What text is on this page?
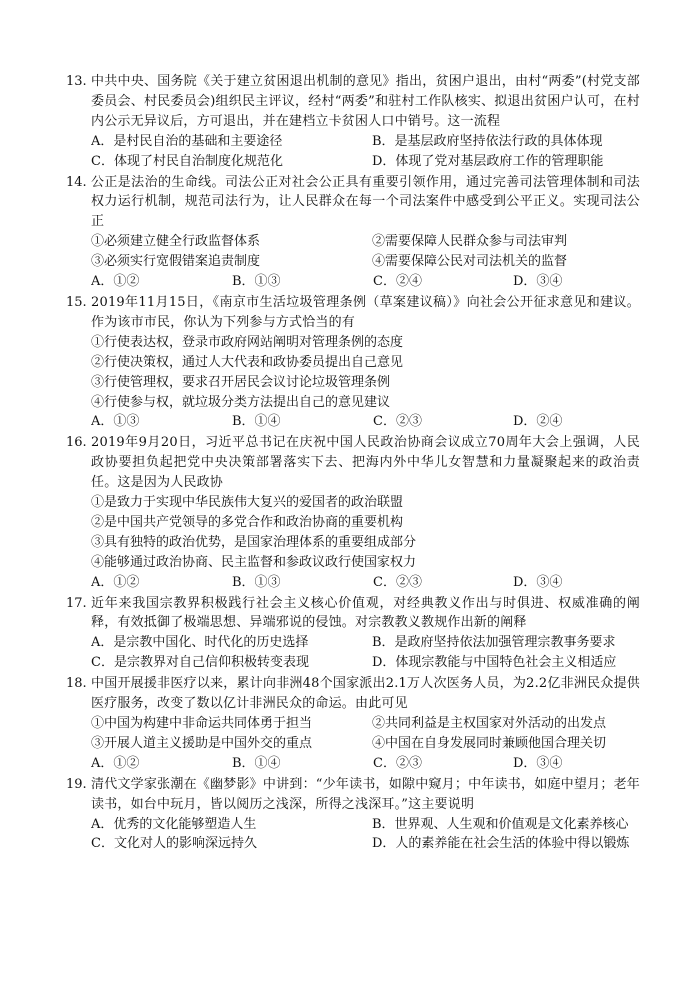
13. 中共中央、国务院《关于建立贫困退出机制的意见》指出，贫困户退出，由村“两委”(村党支部委员会、村民委员会)组织民主评议，经村“两委”和驻村工作队核实、拟退出贫困户认可，在村内公示无异议后，方可退出，并在建档立卡贫困人口中销号。这一流程
A．是村民自治的基础和主要途径	B．是基层政府坚持依法行政的具体体现
C．体现了村民自治制度化规范化	D．体现了党对基层政府工作的管理职能
14. 公正是法治的生命线。司法公正对社会公正具有重要引领作用，通过完善司法管理体制和司法权力运行机制，规范司法行为，让人民群众在每一个司法案件中感受到公平正义。实现司法公正
①必须建立健全行政监督体系	②需要保障人民群众参与司法审判
③必须实行宽假错案追责制度	④需要保障公民对司法机关的监督
A．①②	B．①③	C．②④	D．③④
15. 2019年11月15日，《南京市生活垃圾管理条例（草案建议稿）》向社会公开征求意见和建议。作为该市市民，你认为下列参与方式恰当的有
①行使表达权，登录市政府网站阐明对管理条例的态度
②行使决策权，通过人大代表和政协委员提出自己意见
③行使管理权，要求召开居民会议讨论垃圾管理条例
④行使参与权，就垃圾分类方法提出自己的意见建议
A．①③	B．①④	C．②③	D．②④
16. 2019年9月20日，习近平总书记在庆祝中国人民政治协商会议成立70周年大会上强调，人民政协要担负起把党中央决策部署落实下去、把海内外中华儿女智慧和力量凝聚起来的政治责任。这是因为人民政协
①是致力于实现中华民族伟大复兴的爱国者的政治联盟
②是中国共产党领导的多党合作和政治协商的重要机构
③具有独特的政治优势，是国家治理体系的重要组成部分
④能够通过政治协商、民主监督和参政议政行使国家权力
A．①②	B．①③	C．②③	D．③④
17. 近年来我国宗教界积极践行社会主义核心价值观，对经典教义作出与时俱进、权威准确的阐释，有效抵御了极端思想、异端邪说的侵蚀。对宗教教义教规作出新的阐释
A．是宗教中国化、时代化的历史选择	B．是政府坚持依法加强管理宗教事务要求
C．是宗教界对自己信仰积极转变表现	D．体现宗教能与中国特色社会主义相适应
18. 中国开展援非医疗以来，累计向非洲48个国家派出2.1万人次医务人员，为2.2亿非洲民众提供医疗服务，改变了数以亿计非洲民众的命运。由此可见
①中国为构建中非命运共同体勇于担当	②共同利益是主权国家对外活动的出发点
③开展人道主义援助是中国外交的重点	④中国在自身发展同时兼顾他国合理关切
A．①②	B．①④	C．②③	D．③④
19. 清代文学家张潮在《幽梦影》中讲到：“少年读书，如隙中窥月；中年读书，如庭中望月；老年读书，如台中玩月，皆以阅历之浅深，所得之浅深耳。”这主要说明
A．优秀的文化能够塑造人生	B．世界观、人生观和价值观是文化素养核心
C．文化对人的影响深远持久	D．人的素养能在社会生活的体验中得以锻炼
